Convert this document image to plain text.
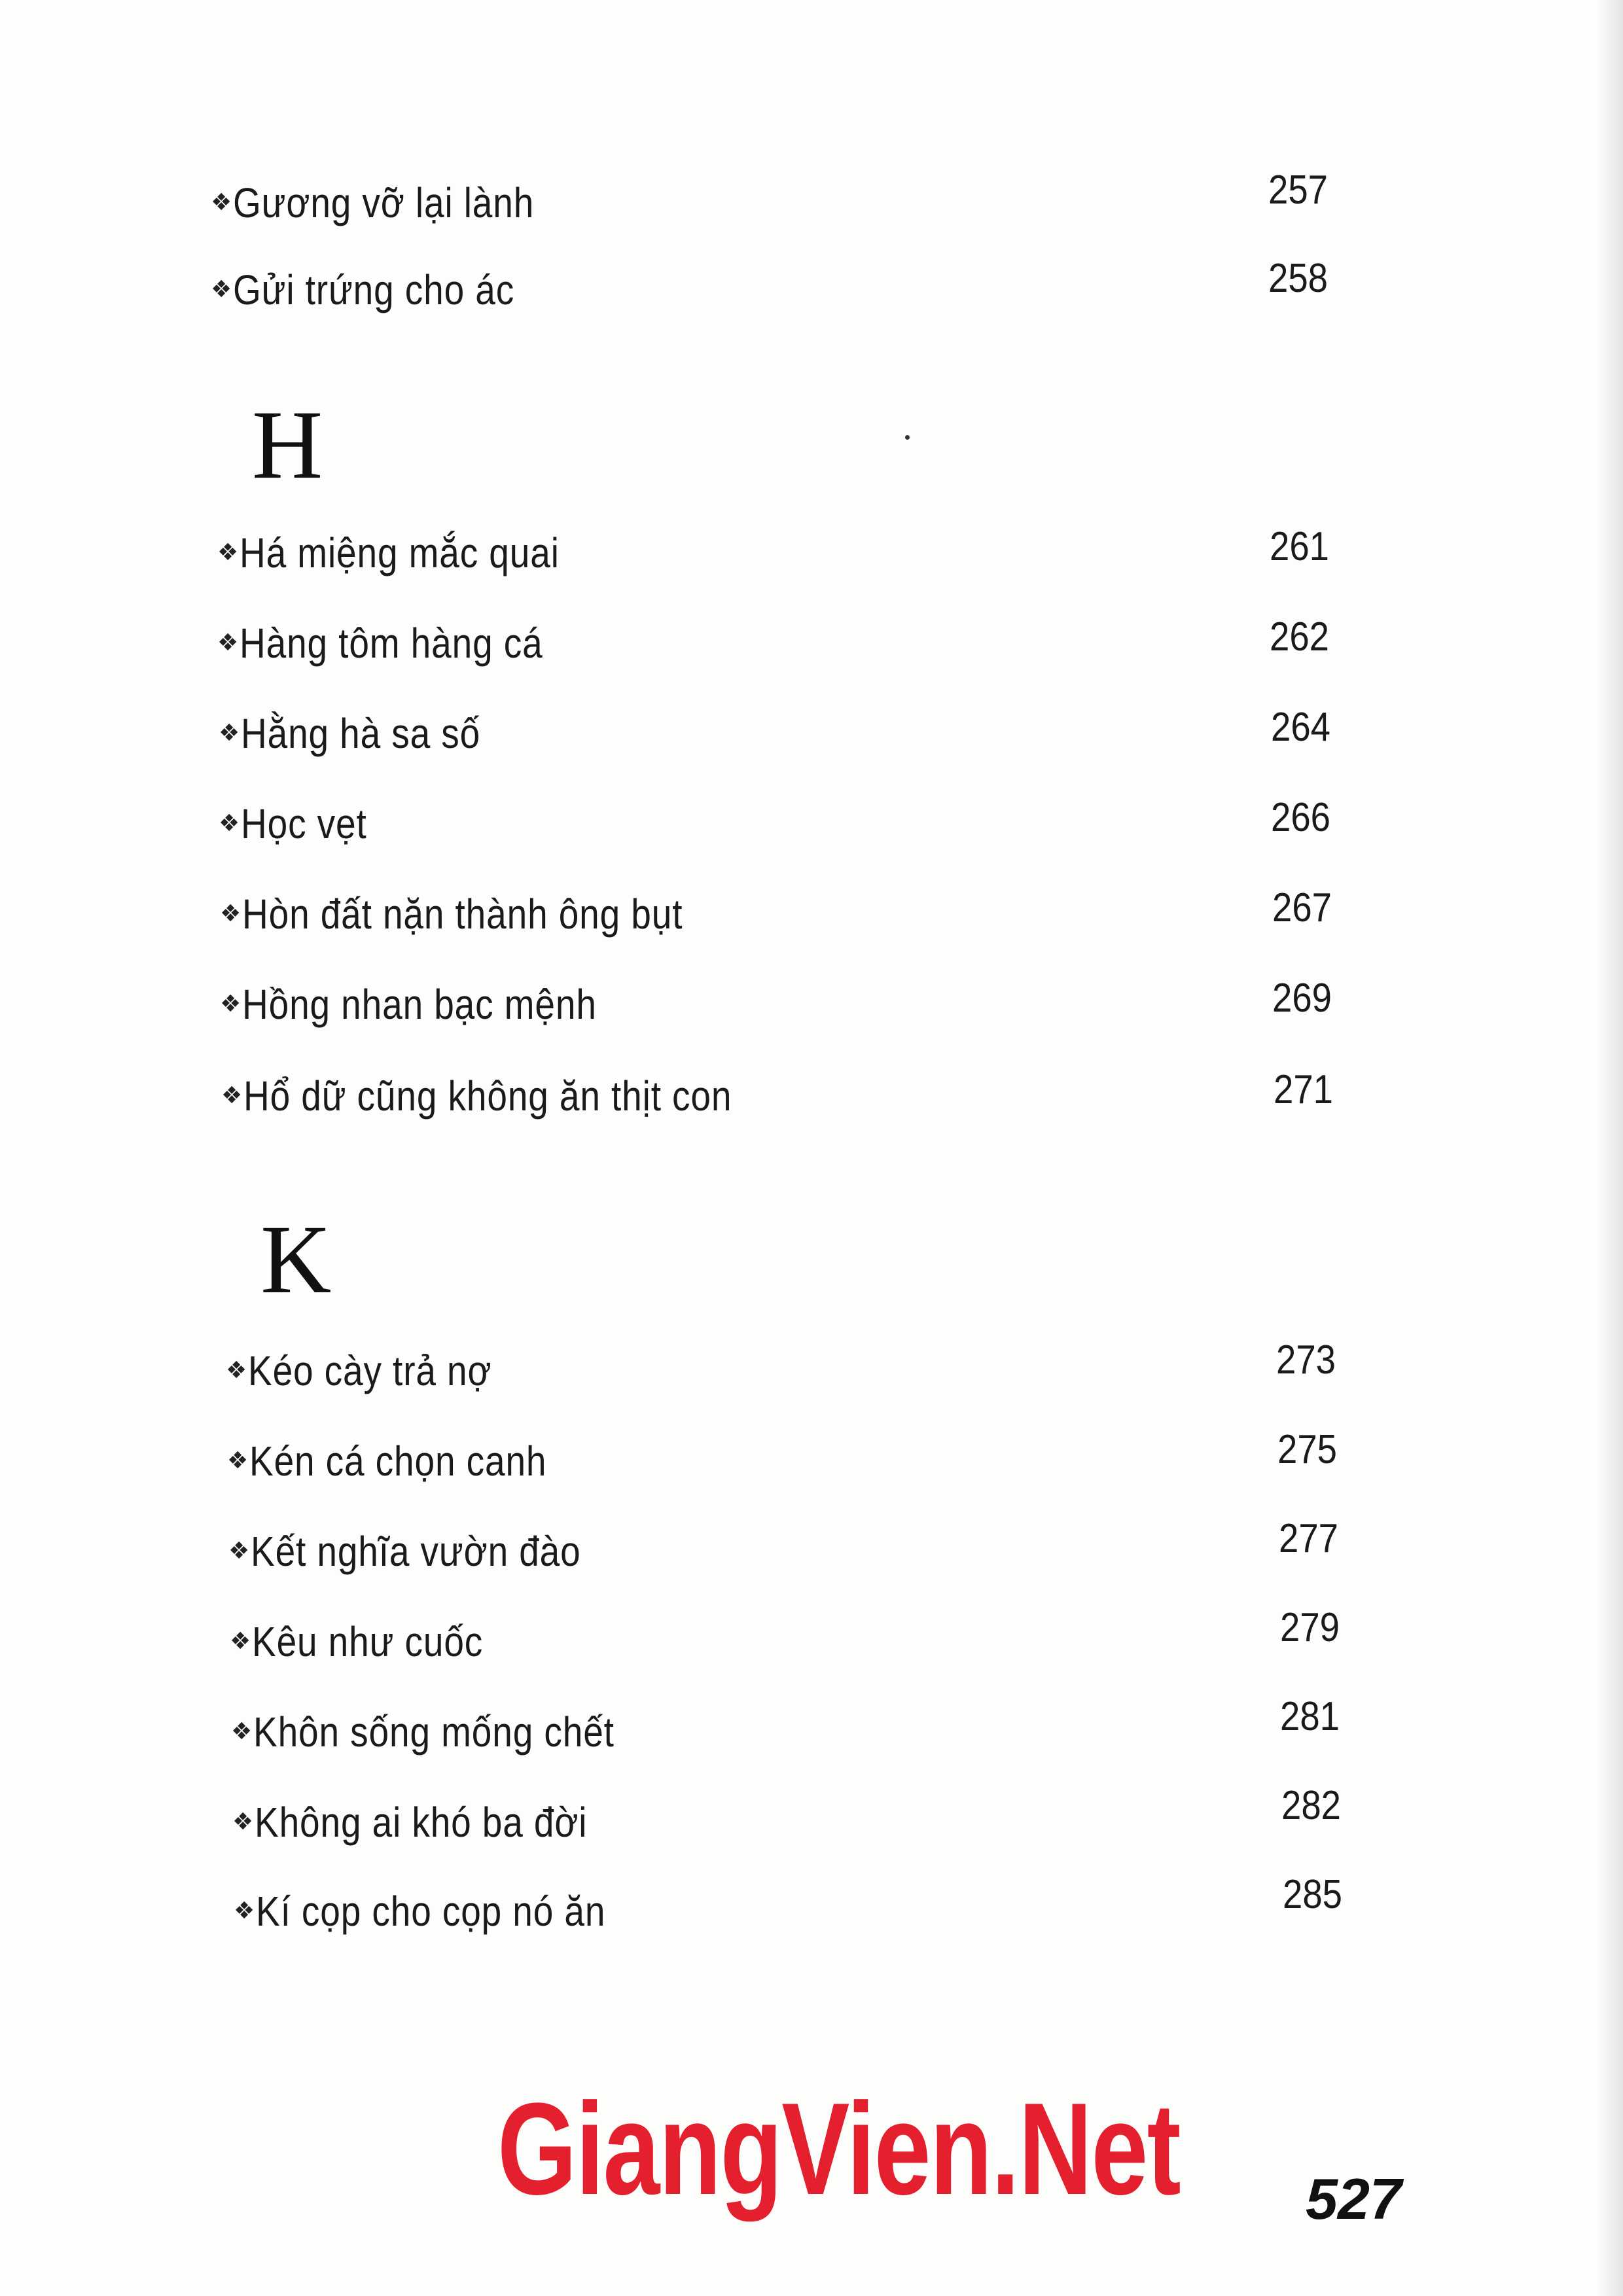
❖ Gương vỡ lại lành	257
❖ Gửi trứng cho ác	258
H
❖ Há miệng mắc quai	261
❖ Hàng tôm hàng cá	262
❖ Hằng hà sa số	264
❖ Học vẹt	266
❖ Hòn đất nặn thành ông bụt	267
❖ Hồng nhan bạc mệnh	269
❖ Hổ dữ cũng không ăn thịt con	271
K
❖ Kéo cày trả nợ	273
❖ Kén cá chọn canh	275
❖ Kết nghĩa vườn đào	277
❖ Kêu như cuốc	279
❖ Khôn sống mống chết	281
❖ Không ai khó ba đời	282
❖ Kí cọp cho cọp nó ăn	285
GiangVien.Net 527
